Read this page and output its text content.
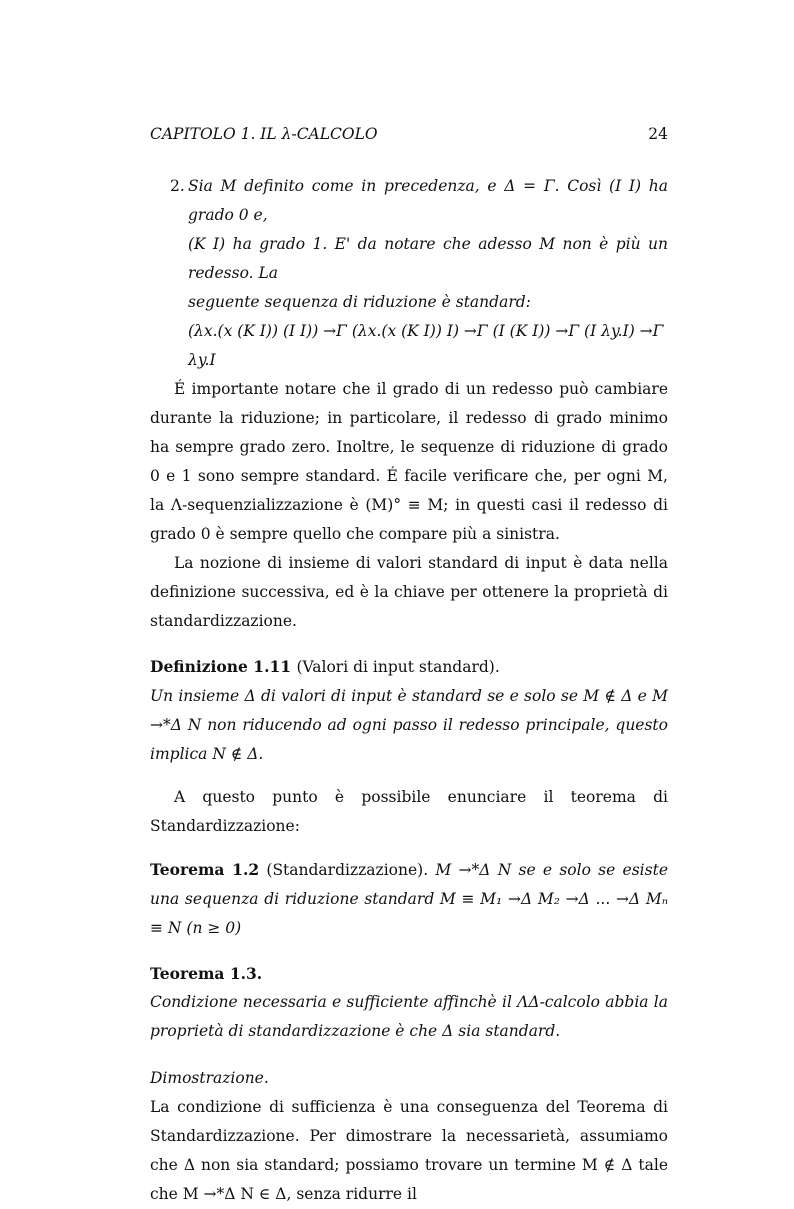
CAPITOLO 1. IL λ-CALCOLO	24
2. Sia M definito come in precedenza, e Δ = Γ. Così (I I) ha grado 0 e,
(K I) ha grado 1. E' da notare che adesso M non è più un redesso. La
seguente sequenza di riduzione è standard:
(λx.(x (K I)) (I I)) →Γ (λx.(x (K I)) I) →Γ (I (K I)) →Γ (I λy.I) →Γ
λy.I

É importante notare che il grado di un redesso può cambiare durante la riduzione; in particolare, il redesso di grado minimo ha sempre grado zero. Inoltre, le sequenze di riduzione di grado 0 e 1 sono sempre standard. É facile verificare che, per ogni M, la Λ-sequenzializzazione è (M)° ≡ M; in questi casi il redesso di grado 0 è sempre quello che compare più a sinistra.

La nozione di insieme di valori standard di input è data nella definizione successiva, ed è la chiave per ottenere la proprietà di standardizzazione.

Definizione 1.11 (Valori di input standard).
Un insieme Δ di valori di input è standard se e solo se M ∉ Δ e M →*Δ N non riducendo ad ogni passo il redesso principale, questo implica N ∉ Δ.

A questo punto è possibile enunciare il teorema di Standardizzazione:

Teorema 1.2 (Standardizzazione). M →*Δ N se e solo se esiste una sequenza di riduzione standard M ≡ M₁ →Δ M₂ →Δ ... →Δ Mₙ ≡ N (n ≥ 0)
Teorema 1.3.
Condizione necessaria e sufficiente affinchè il ΛΔ-calcolo abbia la proprietà di standardizzazione è che Δ sia standard.
Dimostrazione.
La condizione di sufficienza è una conseguenza del Teorema di Standardizzazione. Per dimostrare la necessarietà, assumiamo che Δ non sia standard; possiamo trovare un termine M ∉ Δ tale che M →*Δ N ∈ Δ, senza ridurre il
